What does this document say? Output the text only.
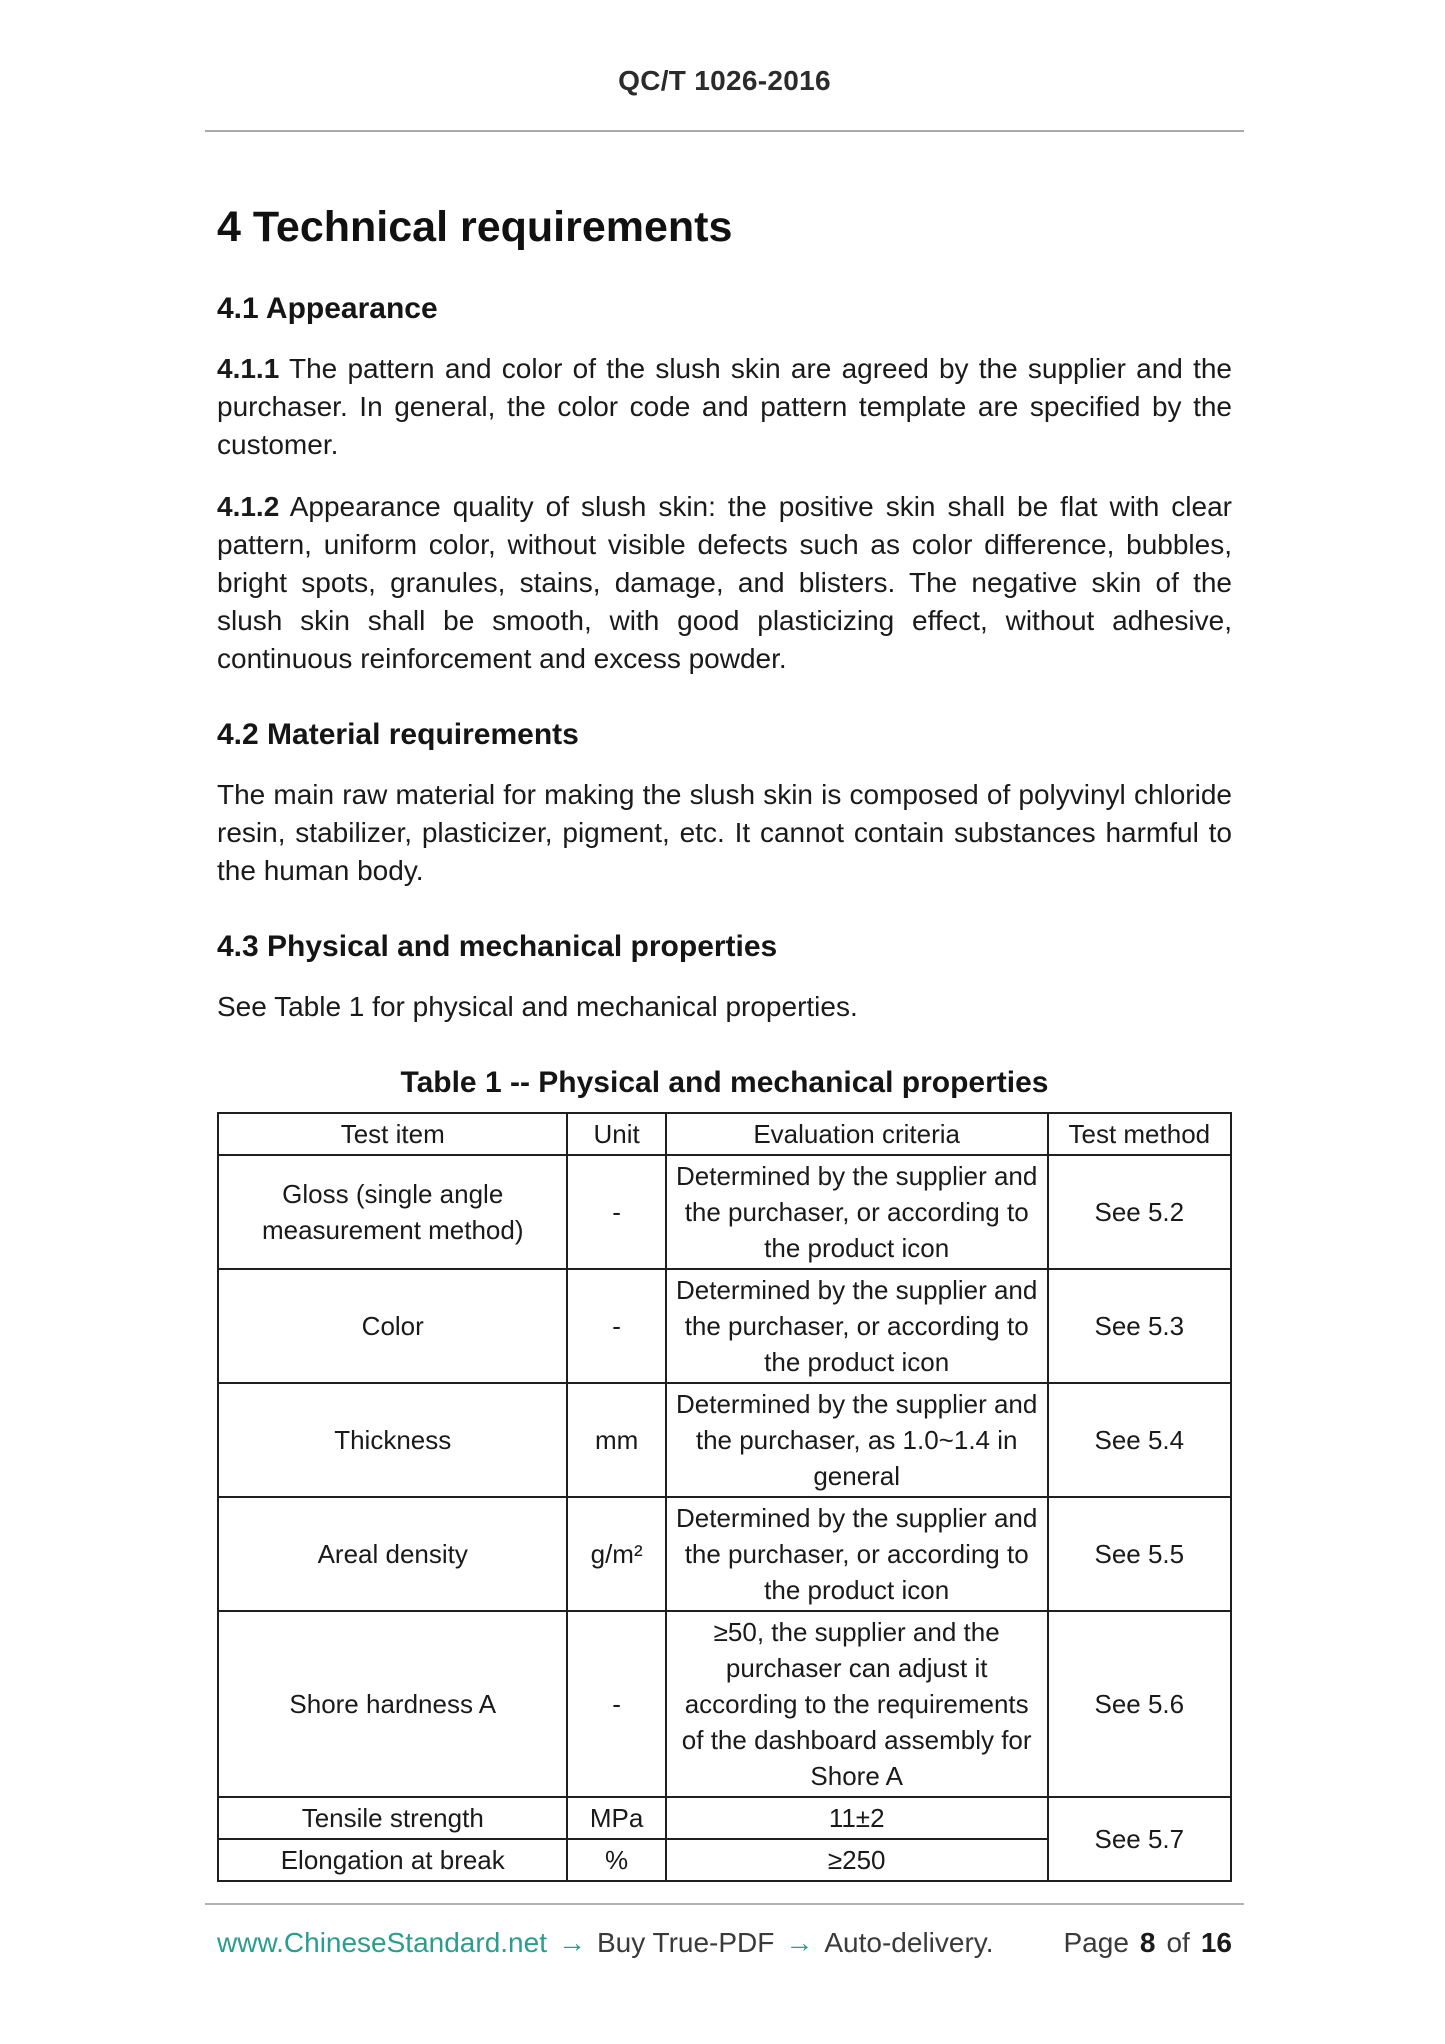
QC/T 1026-2016
4 Technical requirements
4.1 Appearance

4.1.1 The pattern and color of the slush skin are agreed by the supplier and the purchaser. In general, the color code and pattern template are specified by the customer.

4.1.2 Appearance quality of slush skin: the positive skin shall be flat with clear pattern, uniform color, without visible defects such as color difference, bubbles, bright spots, granules, stains, damage, and blisters. The negative skin of the slush skin shall be smooth, with good plasticizing effect, without adhesive, continuous reinforcement and excess powder.

4.2 Material requirements

The main raw material for making the slush skin is composed of polyvinyl chloride resin, stabilizer, plasticizer, pigment, etc. It cannot contain substances harmful to the human body.

4.3 Physical and mechanical properties

See Table 1 for physical and mechanical properties.

Table 1 -- Physical and mechanical properties
Test item	Unit	Evaluation criteria	Test method
Gloss (single angle measurement method)	-	Determined by the supplier and the purchaser, or according to the product icon	See 5.2
Color	-	Determined by the supplier and the purchaser, or according to the product icon	See 5.3
Thickness	mm	Determined by the supplier and the purchaser, as 1.0~1.4 in general	See 5.4
Areal density	g/m²	Determined by the supplier and the purchaser, or according to the product icon	See 5.5
Shore hardness A	-	≥50, the supplier and the purchaser can adjust it according to the requirements of the dashboard assembly for Shore A	See 5.6
Tensile strength	MPa	11±2	See 5.7
Elongation at break	%	≥250	
www.ChineseStandard.net → Buy True-PDF → Auto-delivery.	Page 8 of 16
